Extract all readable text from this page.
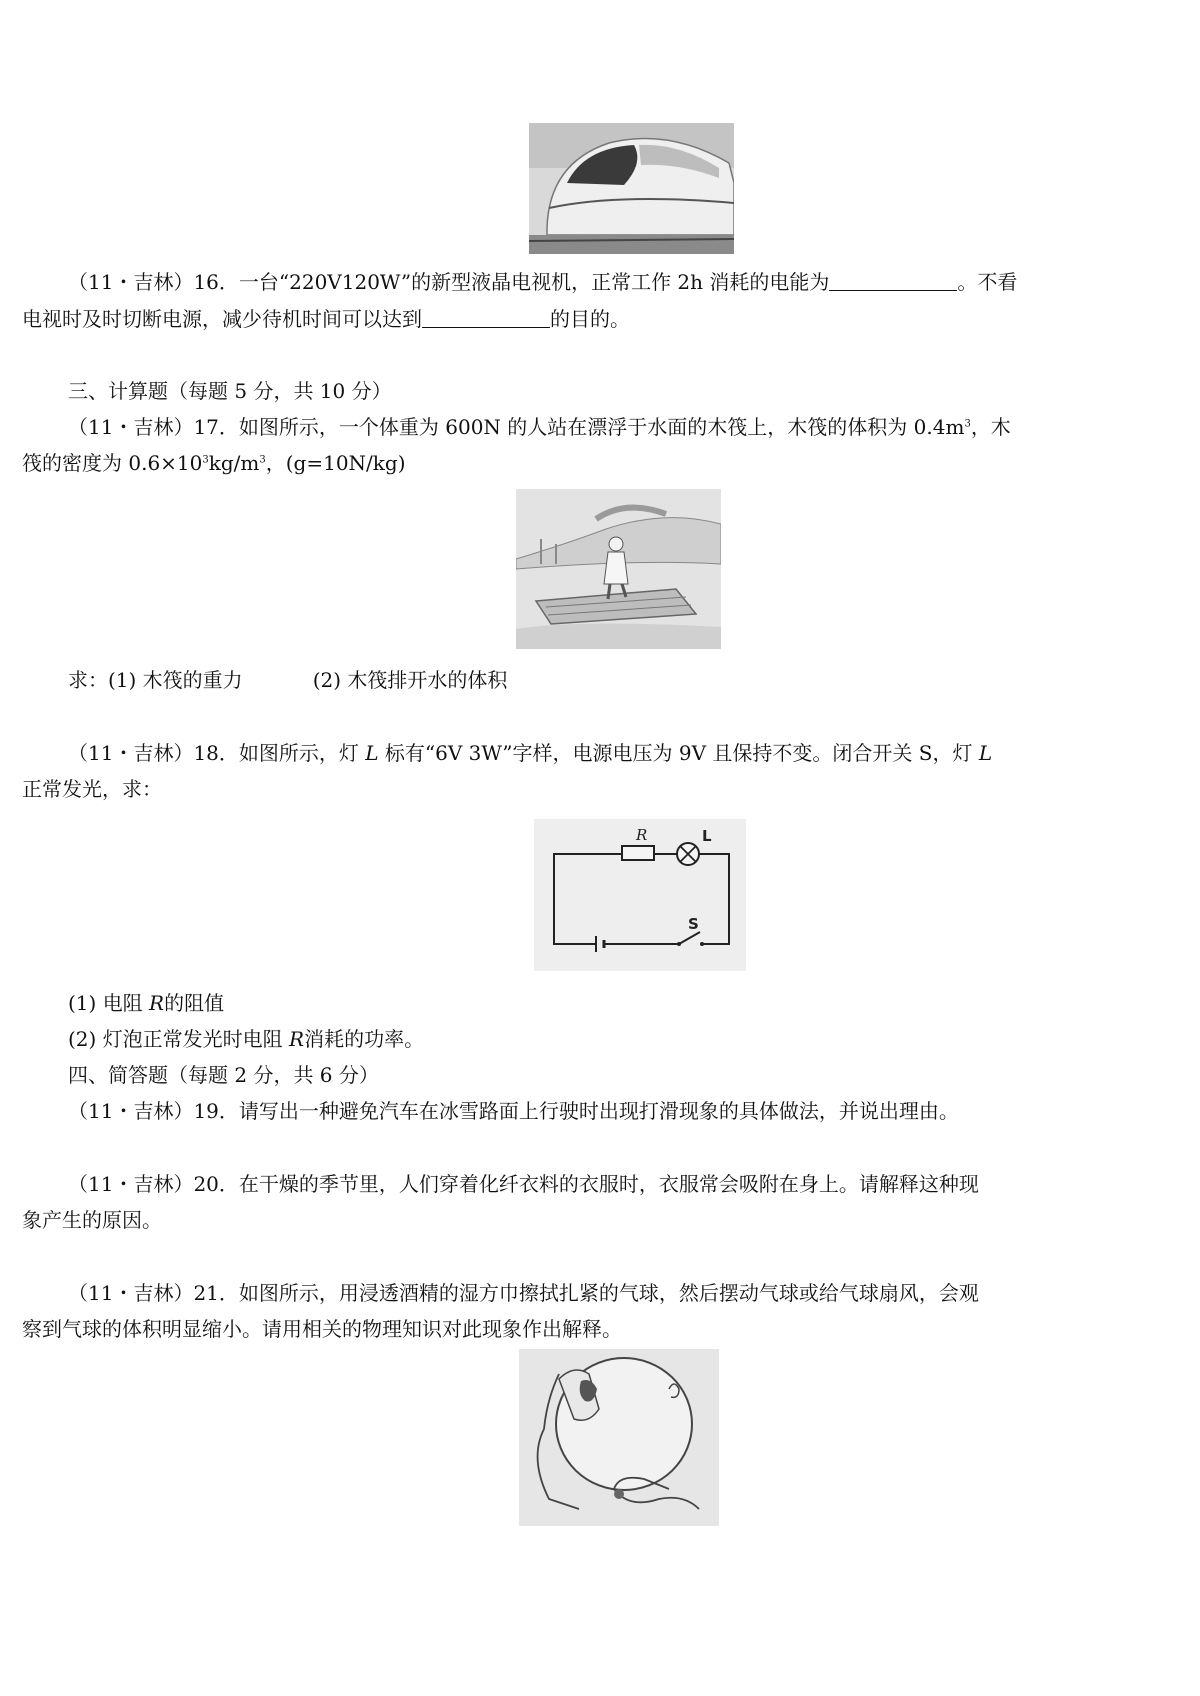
（11・吉林）16．一台“220V120W”的新型液晶电视机，正常工作 2h 消耗的电能为	。不看
电视时及时切断电源，减少待机时间可以达到	的目的。
三、计算题（每题 5 分，共 10 分）
（11・吉林）17．如图所示，一个体重为 600N 的人站在漂浮于水面的木筏上，木筏的体积为 $0.4m^3$，木
筏的密度为 $0.6\times 10^3kg/m^3$，(g=10N/kg)
求：(1) 木筏的重力	(2) 木筏排开水的体积
（11・吉林）18．如图所示，灯 L 标有“6V 3W”字样，电源电压为 9V 且保持不变。闭合开关 S，灯 L
正常发光，求：
R	L
S
(1) 电阻 R的阻值
(2) 灯泡正常发光时电阻 R消耗的功率。
四、简答题（每题 2 分，共 6 分）
（11・吉林）19．请写出一种避免汽车在冰雪路面上行驶时出现打滑现象的具体做法，并说出理由。
（11・吉林）20．在干燥的季节里，人们穿着化纤衣料的衣服时，衣服常会吸附在身上。请解释这种现
象产生的原因。
（11・吉林）21．如图所示，用浸透酒精的湿方巾擦拭扎紧的气球，然后摆动气球或给气球扇风，会观
察到气球的体积明显缩小。请用相关的物理知识对此现象作出解释。
